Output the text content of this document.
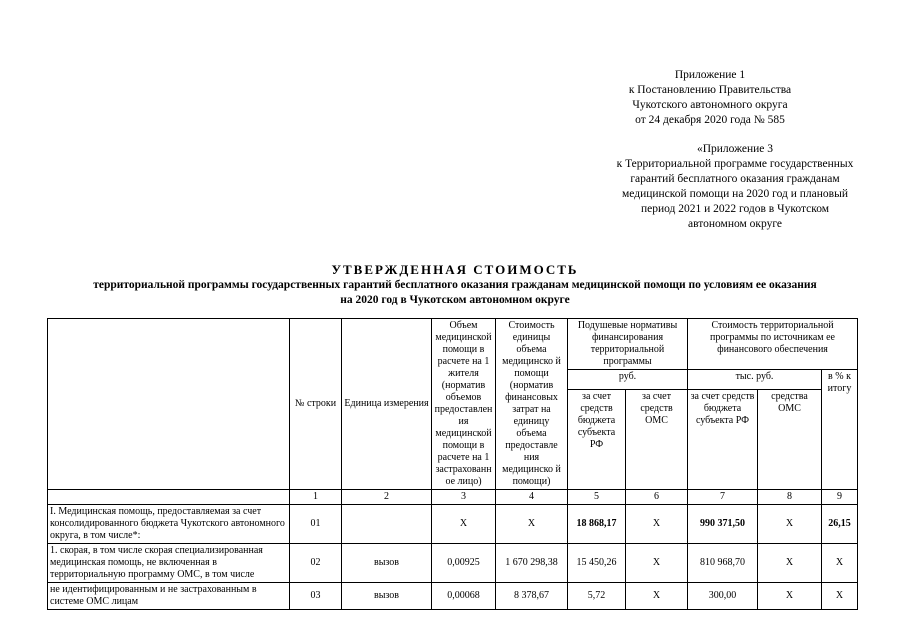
Приложение 1
к Постановлению Правительства
Чукотского автономного округа
от 24 декабря 2020 года № 585
«Приложение 3
к Территориальной программе государственных
гарантий бесплатного оказания гражданам
медицинской помощи на 2020 год и плановый
период 2021 и 2022 годов в Чукотском
автономном округе
УТВЕРЖДЕННАЯ СТОИМОСТЬ
территориальной программы государственных гарантий бесплатного оказания гражданам медицинской помощи по условиям ее оказания
на 2020 год в Чукотском автономном округе
	№ строки	Единица измерения	Объем медицинской помощи в расчете на 1 жителя (норматив объемов предоставлен ия медицинской помощи в расчете на 1 застрахованн ое лицо)	Стоимость единицы объема медицинско й помощи (норматив финансовых затрат на единицу объема предоставле ния медицинско й помощи)	Подушевые нормативы финансирования территориальной программы		Стоимость территориальной программы по источникам ее финансового обеспечения		
					руб.		тыс. руб.		в % к итогу
					за счет средств бюджета субъекта РФ	за счет средств ОМС	за счет средств бюджета субъекта РФ	средства ОМС	
	1	2	3	4	5	6	7	8	9
I. Медицинская помощь, предоставляемая за счет консолидированного бюджета Чукотского автономного округа, в том числе*:	01		X	X	18 868,17	X	990 371,50	X	26,15
1. скорая, в том числе скорая специализированная медицинская помощь, не включенная в территориальную программу ОМС, в том числе	02	вызов	0,00925	1 670 298,38	15 450,26	X	810 968,70	X	X
не идентифицированным и не застрахованным в системе ОМС лицам	03	вызов	0,00068	8 378,67	5,72	X	300,00	X	X
